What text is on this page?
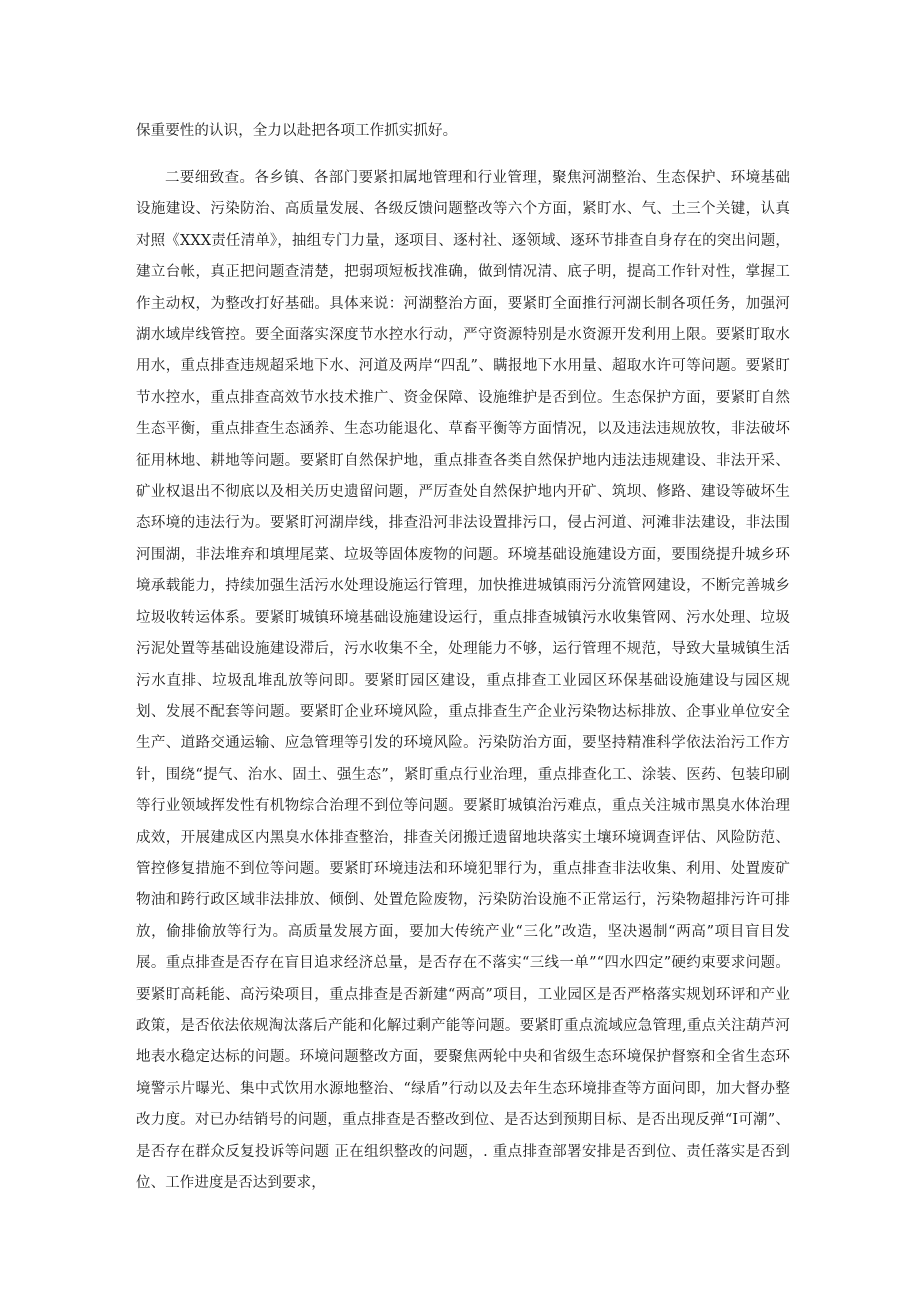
保重要性的认识，全力以赴把各项工作抓实抓好。

二要细致查。各乡镇、各部门要紧扣属地管理和行业管理，聚焦河湖整治、生态保护、环境基础设施建设、污染防治、高质量发展、各级反馈问题整改等六个方面，紧盯水、气、土三个关键，认真对照《XXX责任清单》，抽组专门力量，逐项目、逐村社、逐领域、逐环节排查自身存在的突出问题，建立台帐，真正把问题查清楚，把弱项短板找准确，做到情况清、底子明，提高工作针对性，掌握工作主动权，为整改打好基础。具体来说：河湖整治方面，要紧盯全面推行河湖长制各项任务，加强河湖水域岸线管控。要全面落实深度节水控水行动，严守资源特别是水资源开发利用上限。要紧盯取水用水，重点排查违规超采地下水、河道及两岸“四乱”、瞒报地下水用量、超取水许可等问题。要紧盯节水控水，重点排查高效节水技术推广、资金保障、设施维护是否到位。生态保护方面，要紧盯自然生态平衡，重点排查生态涵养、生态功能退化、草畜平衡等方面情况，以及违法违规放牧，非法破坏征用林地、耕地等问题。要紧盯自然保护地，重点排查各类自然保护地内违法违规建设、非法开采、矿业权退出不彻底以及相关历史遗留问题，严厉查处自然保护地内开矿、筑坝、修路、建设等破坏生态环境的违法行为。要紧盯河湖岸线，排查沿河非法设置排污口，侵占河道、河滩非法建设，非法围河围湖，非法堆弃和填埋尾菜、垃圾等固体废物的问题。环境基础设施建设方面，要围绕提升城乡环境承载能力，持续加强生活污水处理设施运行管理，加快推进城镇雨污分流管网建设，不断完善城乡垃圾收转运体系。要紧盯城镇环境基础设施建设运行，重点排查城镇污水收集管网、污水处理、垃圾污泥处置等基础设施建设滞后，污水收集不全，处理能力不够，运行管理不规范，导致大量城镇生活污水直排、垃圾乱堆乱放等问即。要紧盯园区建设，重点排查工业园区环保基础设施建设与园区规划、发展不配套等问题。要紧盯企业环境风险，重点排查生产企业污染物达标排放、企事业单位安全生产、道路交通运输、应急管理等引发的环境风险。污染防治方面，要坚持精准科学依法治污工作方针，围绕“提气、治水、固土、强生态”，紧盯重点行业治理，重点排查化工、涂装、医药、包装印刷等行业领域挥发性有机物综合治理不到位等问题。要紧盯城镇治污难点，重点关注城市黑臭水体治理成效，开展建成区内黑臭水体排查整治，排查关闭搬迁遗留地块落实土壤环境调查评估、风险防范、管控修复措施不到位等问题。要紧盯环境违法和环境犯罪行为，重点排查非法收集、利用、处置废矿物油和跨行政区域非法排放、倾倒、处置危险废物，污染防治设施不正常运行，污染物超排污许可排放，偷排偷放等行为。高质量发展方面，要加大传统产业“三化”改造，坚决遏制“两高”项目盲目发展。重点排查是否存在盲目追求经济总量，是否存在不落实“三线一单”“四水四定”硬约束要求问题。要紧盯高耗能、高污染项目，重点排查是否新建“两高”项目，工业园区是否严格落实规划环评和产业政策，是否依法依规淘汰落后产能和化解过剩产能等问题。要紧盯重点流域应急管理,重点关注葫芦河地表水稳定达标的问题。环境问题整改方面，要聚焦两轮中央和省级生态环境保护督察和全省生态环境警示片曝光、集中式饮用水源地整治、“绿盾”行动以及去年生态环境排查等方面问即，加大督办整改力度。对已办结销号的问题，重点排查是否整改到位、是否达到预期目标、是否出现反弹“I可潮”、是否存在群众反复投诉等问题 正在组织整改的问题，. 重点排查部署安排是否到位、责任落实是否到位、工作进度是否达到要求，
